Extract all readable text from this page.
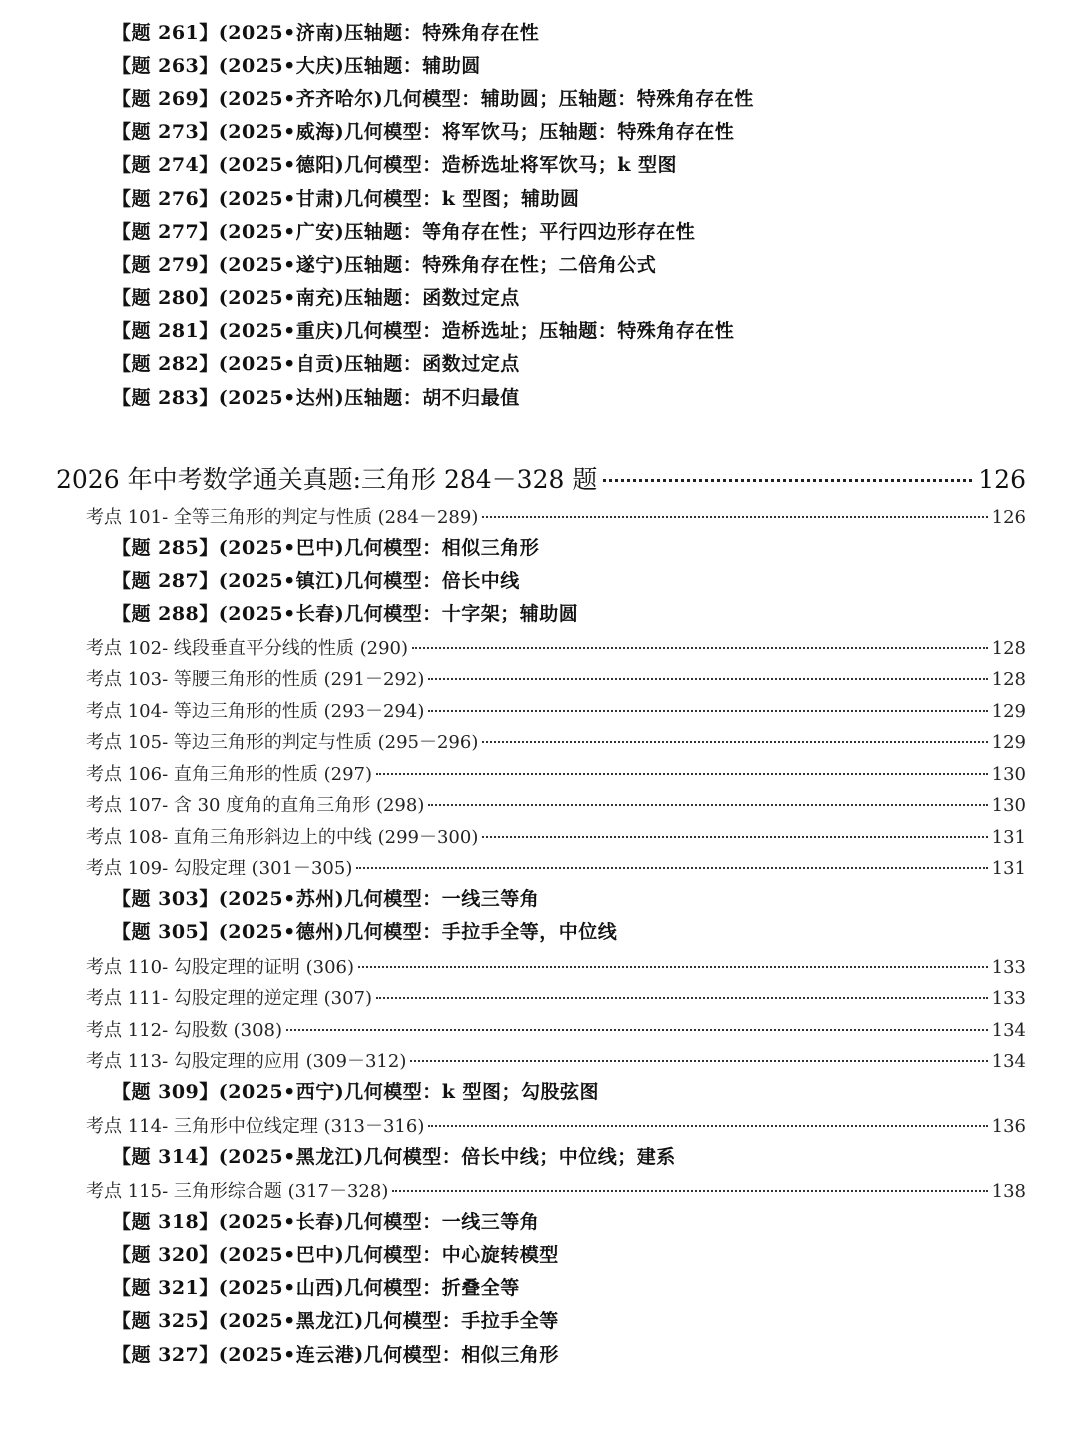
【题 261】(2025•济南)压轴题：特殊角存在性
【题 263】(2025•大庆)压轴题：辅助圆
【题 269】(2025•齐齐哈尔)几何模型：辅助圆；压轴题：特殊角存在性
【题 273】(2025•威海)几何模型：将军饮马；压轴题：特殊角存在性
【题 274】(2025•德阳)几何模型：造桥选址将军饮马；k 型图
【题 276】(2025•甘肃)几何模型：k 型图；辅助圆
【题 277】(2025•广安)压轴题：等角存在性；平行四边形存在性
【题 279】(2025•遂宁)压轴题：特殊角存在性；二倍角公式
【题 280】(2025•南充)压轴题：函数过定点
【题 281】(2025•重庆)几何模型：造桥选址；压轴题：特殊角存在性
【题 282】(2025•自贡)压轴题：函数过定点
【题 283】(2025•达州)压轴题：胡不归最值
2026 年中考数学通关真题:三角形 284－328 题	126
考点 101- 全等三角形的判定与性质 (284－289)	126
【题 285】(2025•巴中)几何模型：相似三角形
【题 287】(2025•镇江)几何模型：倍长中线
【题 288】(2025•长春)几何模型：十字架；辅助圆
考点 102- 线段垂直平分线的性质 (290)	128
考点 103- 等腰三角形的性质 (291－292)	128
考点 104- 等边三角形的性质 (293－294)	129
考点 105- 等边三角形的判定与性质 (295－296)	129
考点 106- 直角三角形的性质 (297)	130
考点 107- 含 30 度角的直角三角形 (298)	130
考点 108- 直角三角形斜边上的中线 (299－300)	131
考点 109- 勾股定理 (301－305)	131
【题 303】(2025•苏州)几何模型：一线三等角
【题 305】(2025•德州)几何模型：手拉手全等，中位线
考点 110- 勾股定理的证明 (306)	133
考点 111- 勾股定理的逆定理 (307)	133
考点 112- 勾股数 (308)	134
考点 113- 勾股定理的应用 (309－312)	134
【题 309】(2025•西宁)几何模型：k 型图；勾股弦图
考点 114- 三角形中位线定理 (313－316)	136
【题 314】(2025•黑龙江)几何模型：倍长中线；中位线；建系
考点 115- 三角形综合题 (317－328)	138
【题 318】(2025•长春)几何模型：一线三等角
【题 320】(2025•巴中)几何模型：中心旋转模型
【题 321】(2025•山西)几何模型：折叠全等
【题 325】(2025•黑龙江)几何模型：手拉手全等
【题 327】(2025•连云港)几何模型：相似三角形
